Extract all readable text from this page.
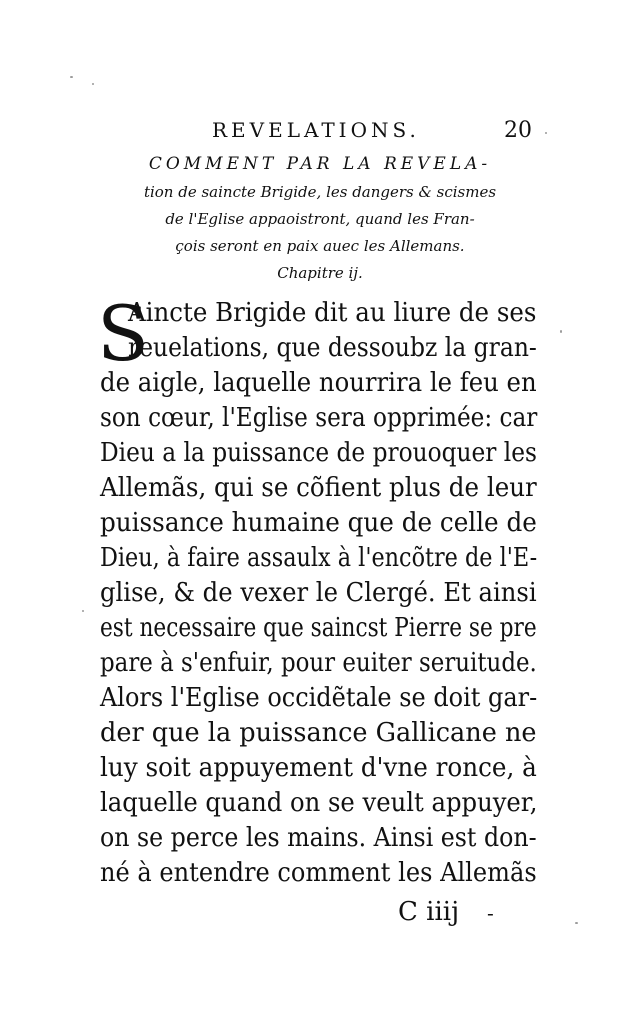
REVELATIONS.	20
COMMENT PAR LA REVELA-
tion de saincte Brigide, les dangers & scismes
de l'Eglise appaoistront, quand les Fran-
çois seront en paix auec les Allemans.
Chapitre ij.
S
Aincte Brigide dit au liure de ses
reuelations, que dessoubz la gran-
de aigle, laquelle nourrira le feu en
son cœur, l'Eglise sera opprimée: car
Dieu a la puissance de prouoquer les
Allemãs, qui se cõfient plus de leur
puissance humaine que de celle de
Dieu, à faire assaulx à l'encõtre de l'E-
glise, & de vexer le Clergé. Et ainsi
est necessaire que saincst Pierre se pre
pare à s'enfuir, pour euiter seruitude.
Alors l'Eglise occidẽtale se doit gar-
der que la puissance Gallicane ne
luy soit appuyement d'vne ronce, à
laquelle quand on se veult appuyer,
on se perce les mains. Ainsi est don-
né à entendre comment les Allemãs
C iiij -
